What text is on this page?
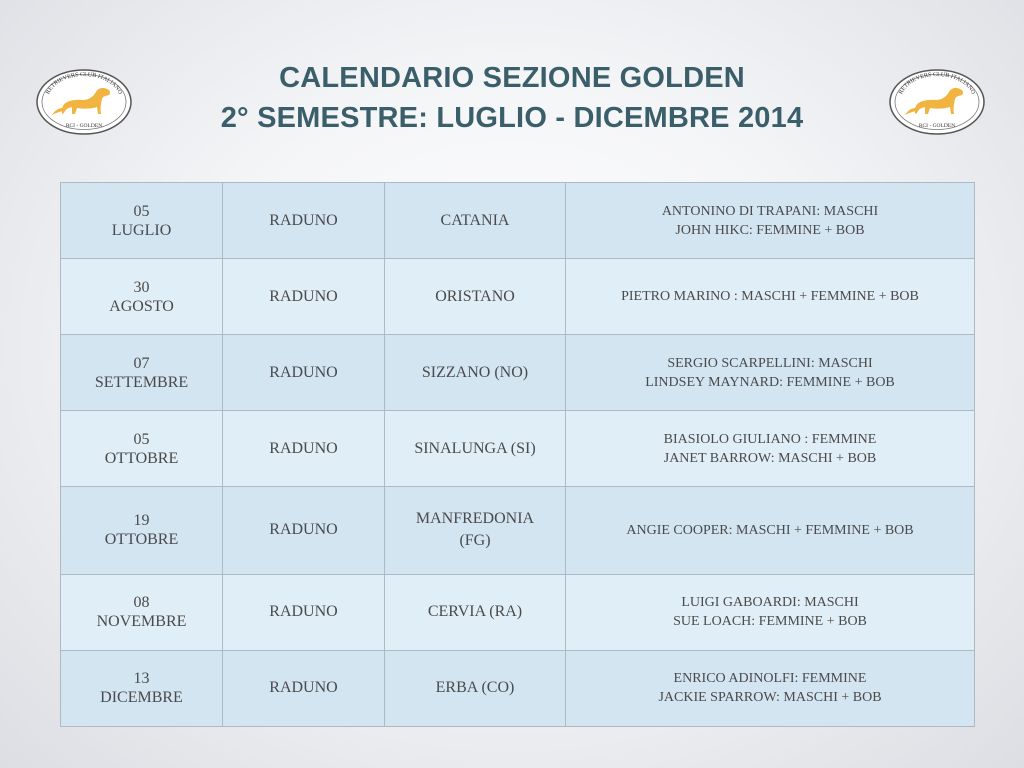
RETRIEVERS CLUB ITALIANO
RCI - GOLDEN
CALENDARIO SEZIONE GOLDEN
2° SEMESTRE: LUGLIO - DICEMBRE 2014
RETRIEVERS CLUB ITALIANO
RCI - GOLDEN
05
LUGLIO	RADUNO	CATANIA	ANTONINO DI TRAPANI: MASCHI
JOHN HIKC: FEMMINE + BOB

30
AGOSTO	RADUNO	ORISTANO	PIETRO MARINO : MASCHI + FEMMINE + BOB

07
SETTEMBRE	RADUNO	SIZZANO (NO)	SERGIO SCARPELLINI: MASCHI
LINDSEY MAYNARD: FEMMINE + BOB

05
OTTOBRE	RADUNO	SINALUNGA (SI)	BIASIOLO GIULIANO : FEMMINE
JANET BARROW: MASCHI + BOB

19
OTTOBRE	RADUNO	MANFREDONIA
(FG)	ANGIE COOPER: MASCHI + FEMMINE + BOB

08
NOVEMBRE	RADUNO	CERVIA (RA)	LUIGI GABOARDI: MASCHI
SUE LOACH: FEMMINE + BOB

13
DICEMBRE	RADUNO	ERBA (CO)	ENRICO ADINOLFI: FEMMINE
JACKIE SPARROW: MASCHI + BOB
